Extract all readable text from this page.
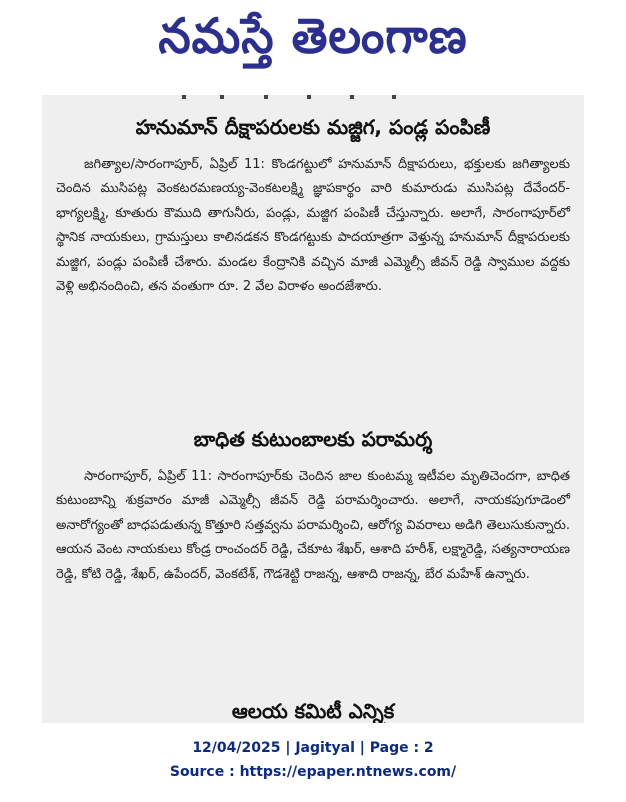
నమస్తే తెలంగాణ
హనుమాన్ దీక్షాపరులకు మజ్జిగ, పండ్ల పంపిణీ

జగిత్యాల/సారంగాపూర్, ఏప్రిల్ 11: కొండగట్టులో హనుమాన్ దీక్షాపరులు, భక్తులకు జగిత్యాలకు చెందిన ముసిపట్ల వెంకటరమణయ్య-వెంకటలక్ష్మి జ్ఞాపకార్థం వారి కుమారుడు ముసిపట్ల దేవేందర్-భాగ్యలక్ష్మి, కూతురు కౌముది తాగునీరు, పండ్లు, మజ్జిగ పంపిణీ చేస్తున్నారు. అలాగే, సారంగాపూర్‌లో స్థానిక నాయకులు, గ్రామస్తులు కాలినడకన కొండగట్టుకు పాదయాత్రగా వెళ్తున్న హనుమాన్ దీక్షాపరులకు మజ్జిగ, పండ్లు పంపిణీ చేశారు. మండల కేంద్రానికి వచ్చిన మాజీ ఎమ్మెల్సీ జీవన్ రెడ్డి స్వాముల వద్దకు వెళ్లి అభినందించి, తన వంతుగా రూ. 2 వేల విరాళం అందజేశారు.

బాధిత కుటుంబాలకు పరామర్శ

సారంగాపూర్, ఏప్రిల్ 11: సారంగాపూర్‌కు చెందిన జాల కుంటమ్మ ఇటీవల మృతిచెందగా, బాధిత కుటుంబాన్ని శుక్రవారం మాజీ ఎమ్మెల్సీ జీవన్ రెడ్డి పరామర్శించారు. అలాగే, నాయకపుగూడెంలో అనారోగ్యంతో బాధపడుతున్న కొత్తూరి సత్తవ్వను పరామర్శించి, ఆరోగ్య వివరాలు అడిగి తెలుసుకున్నారు. ఆయన వెంట నాయకులు కోండ్ర రాంచందర్ రెడ్డి, చేకూట శేఖర్, ఆశాది హరీశ్, లక్ష్మారెడ్డి, సత్యనారాయణ రెడ్డి, కోటి రెడ్డి, శేఖర్, ఉపేందర్, వెంకటేశ్, గౌడశెట్టి రాజన్న, ఆశాది రాజన్న, బేర మహేశ్ ఉన్నారు.

ఆలయ కమిటీ ఎన్నిక
12/04/2025 | Jagityal | Page : 2
Source : https://epaper.ntnews.com/
